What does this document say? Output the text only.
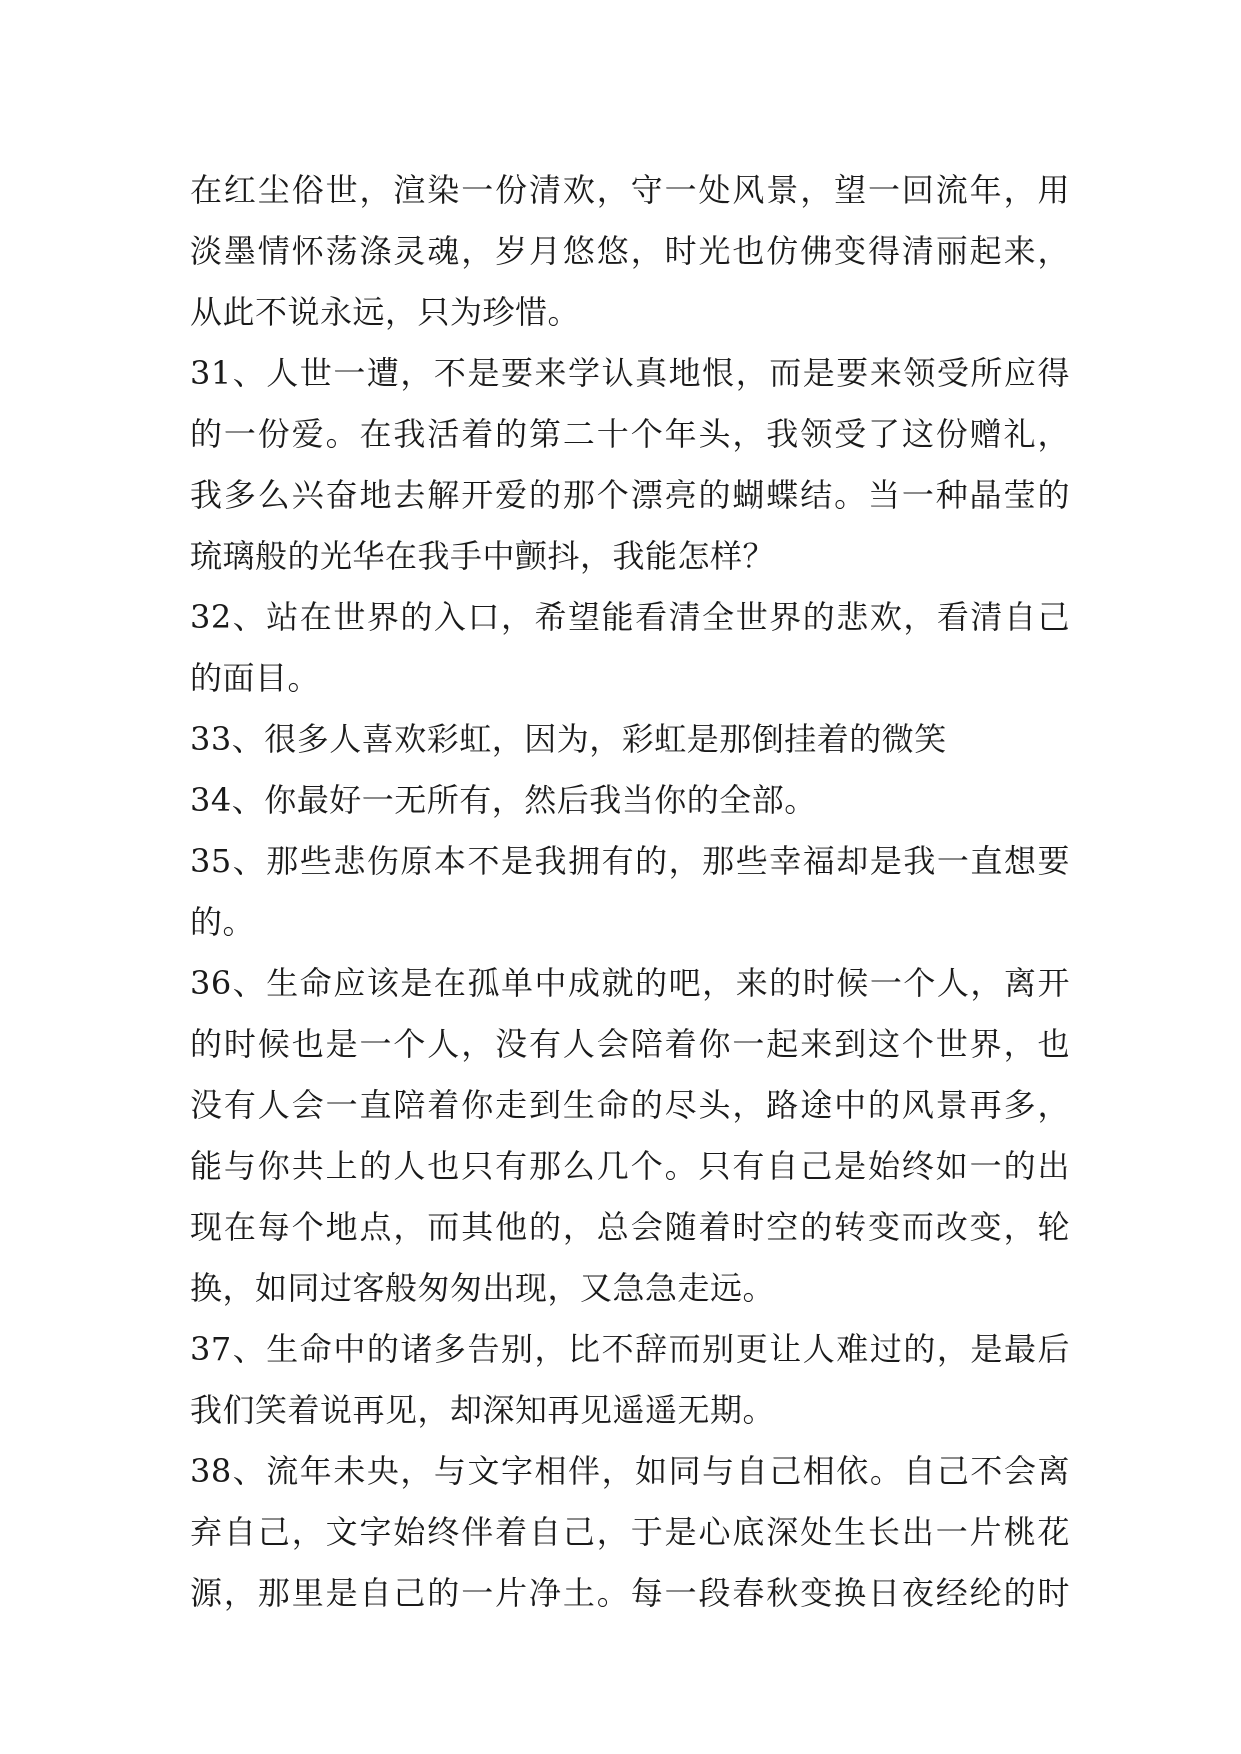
在红尘俗世，渲染一份清欢，守一处风景，望一回流年，用
淡墨情怀荡涤灵魂，岁月悠悠，时光也仿佛变得清丽起来，
从此不说永远，只为珍惜。
31、人世一遭，不是要来学认真地恨，而是要来领受所应得
的一份爱。在我活着的第二十个年头，我领受了这份赠礼，
我多么兴奋地去解开爱的那个漂亮的蝴蝶结。当一种晶莹的
琉璃般的光华在我手中颤抖，我能怎样？
32、站在世界的入口，希望能看清全世界的悲欢，看清自己
的面目。
33、很多人喜欢彩虹，因为，彩虹是那倒挂着的微笑
34、你最好一无所有，然后我当你的全部。
35、那些悲伤原本不是我拥有的，那些幸福却是我一直想要
的。
36、生命应该是在孤单中成就的吧，来的时候一个人，离开
的时候也是一个人，没有人会陪着你一起来到这个世界，也
没有人会一直陪着你走到生命的尽头，路途中的风景再多，
能与你共上的人也只有那么几个。只有自己是始终如一的出
现在每个地点，而其他的，总会随着时空的转变而改变，轮
换，如同过客般匆匆出现，又急急走远。
37、生命中的诸多告别，比不辞而别更让人难过的，是最后
我们笑着说再见，却深知再见遥遥无期。
38、流年未央，与文字相伴，如同与自己相依。自己不会离
弃自己，文字始终伴着自己，于是心底深处生长出一片桃花
源，那里是自己的一片净土。每一段春秋变换日夜经纶的时
